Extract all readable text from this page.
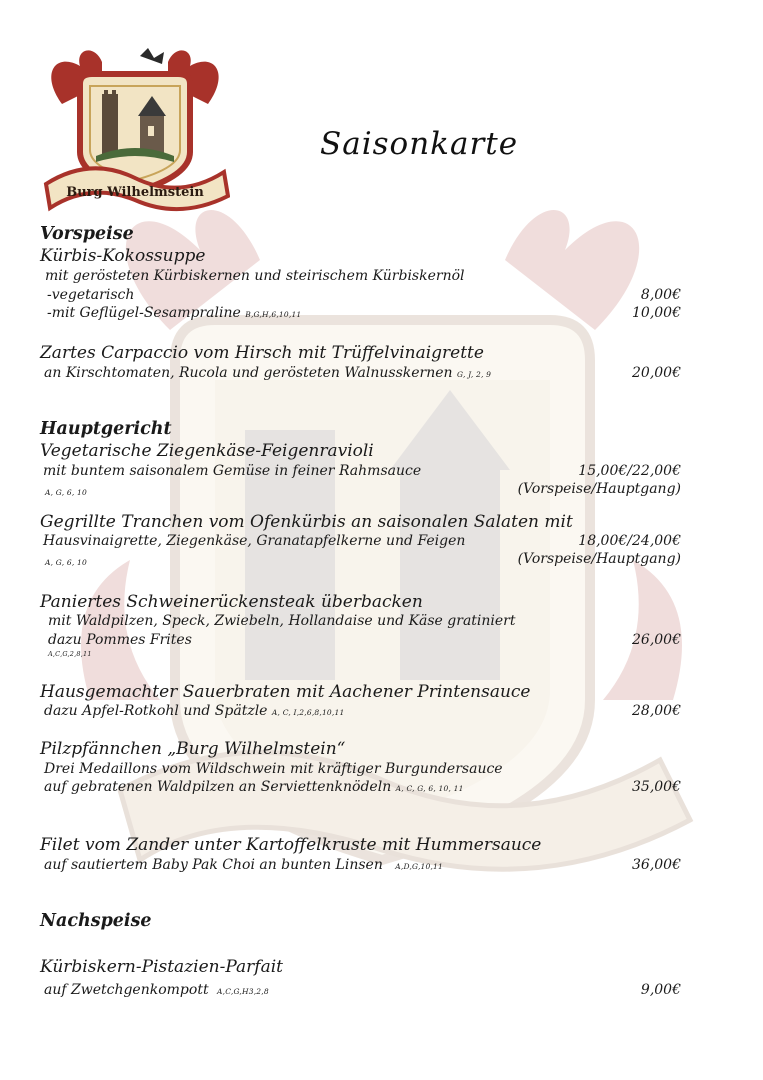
Burg Wilhelmstein
Saisonkarte
Vorspeise
Kürbis-Kokossuppe
mit gerösteten Kürbiskernen und steirischem Kürbiskernöl
-vegetarisch	8,00€
-mit Geflügel-Sesampraline B,G,H,6,10,11	10,00€
Zartes Carpaccio vom Hirsch mit Trüffelvinaigrette
an Kirschtomaten, Rucola und gerösteten Walnusskernen G, J, 2, 9	20,00€
Hauptgericht
Vegetarische Ziegenkäse-Feigenravioli
mit buntem saisonalem Gemüse in feiner Rahmsauce	15,00€/22,00€
A, G, 6, 10	(Vorspeise/Hauptgang)
Gegrillte Tranchen vom Ofenkürbis an saisonalen Salaten mit
Hausvinaigrette, Ziegenkäse, Granatapfelkerne und Feigen	18,00€/24,00€
A, G, 6, 10	(Vorspeise/Hauptgang)
Paniertes Schweinerückensteak überbacken
mit Waldpilzen, Speck, Zwiebeln, Hollandaise und Käse gratiniert
dazu Pommes Frites	26,00€
A,C,G,2,8,11
Hausgemachter Sauerbraten mit Aachener Printensauce
dazu Apfel-Rotkohl und Spätzle A, C, I,2,6,8,10,11	28,00€
Pilzpfännchen „Burg Wilhelmstein“
Drei Medaillons vom Wildschwein mit kräftiger Burgundersauce
auf gebratenen Waldpilzen an Serviettenknödeln A, C, G, 6, 10, 11	35,00€
Filet vom Zander unter Kartoffelkruste mit Hummersauce
auf sautiertem Baby Pak Choi an bunten Linsen A,D,G,10,11	36,00€
Nachspeise
Kürbiskern-Pistazien-Parfait
auf Zwetchgenkompott A,C,G,H3,2,8	9,00€
